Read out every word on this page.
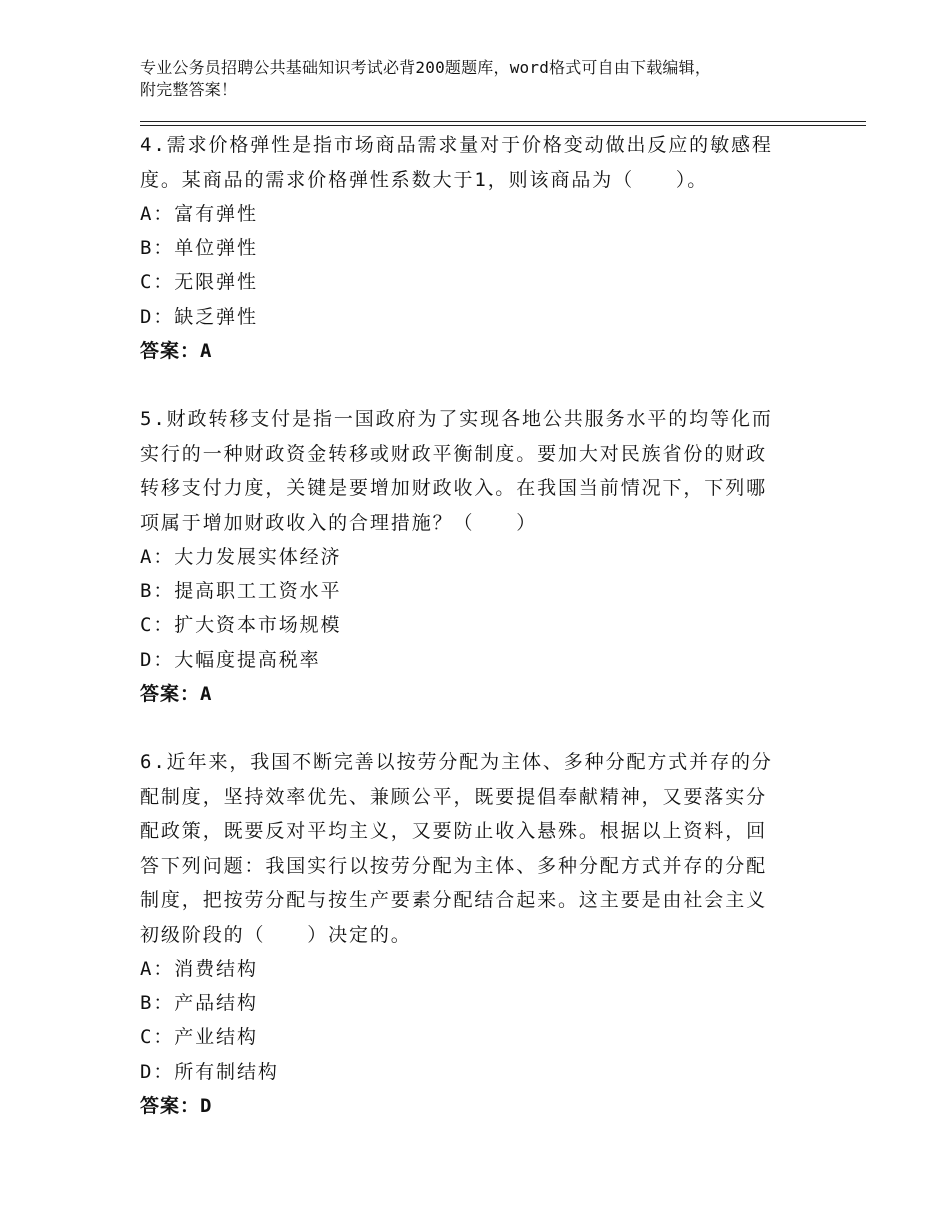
专业公务员招聘公共基础知识考试必背200题题库，word格式可自由下载编辑，
附完整答案！
4.需求价格弹性是指市场商品需求量对于价格变动做出反应的敏感程
度。某商品的需求价格弹性系数大于1，则该商品为（　　）。
A：富有弹性
B：单位弹性
C：无限弹性
D：缺乏弹性
答案：A
5.财政转移支付是指一国政府为了实现各地公共服务水平的均等化而
实行的一种财政资金转移或财政平衡制度。要加大对民族省份的财政
转移支付力度，关键是要增加财政收入。在我国当前情况下，下列哪
项属于增加财政收入的合理措施？（　　）
A：大力发展实体经济
B：提高职工工资水平
C：扩大资本市场规模
D：大幅度提高税率
答案：A
6.近年来，我国不断完善以按劳分配为主体、多种分配方式并存的分
配制度，坚持效率优先、兼顾公平，既要提倡奉献精神，又要落实分
配政策，既要反对平均主义，又要防止收入悬殊。根据以上资料，回
答下列问题：我国实行以按劳分配为主体、多种分配方式并存的分配
制度，把按劳分配与按生产要素分配结合起来。这主要是由社会主义
初级阶段的（　　）决定的。
A：消费结构
B：产品结构
C：产业结构
D：所有制结构
答案：D
